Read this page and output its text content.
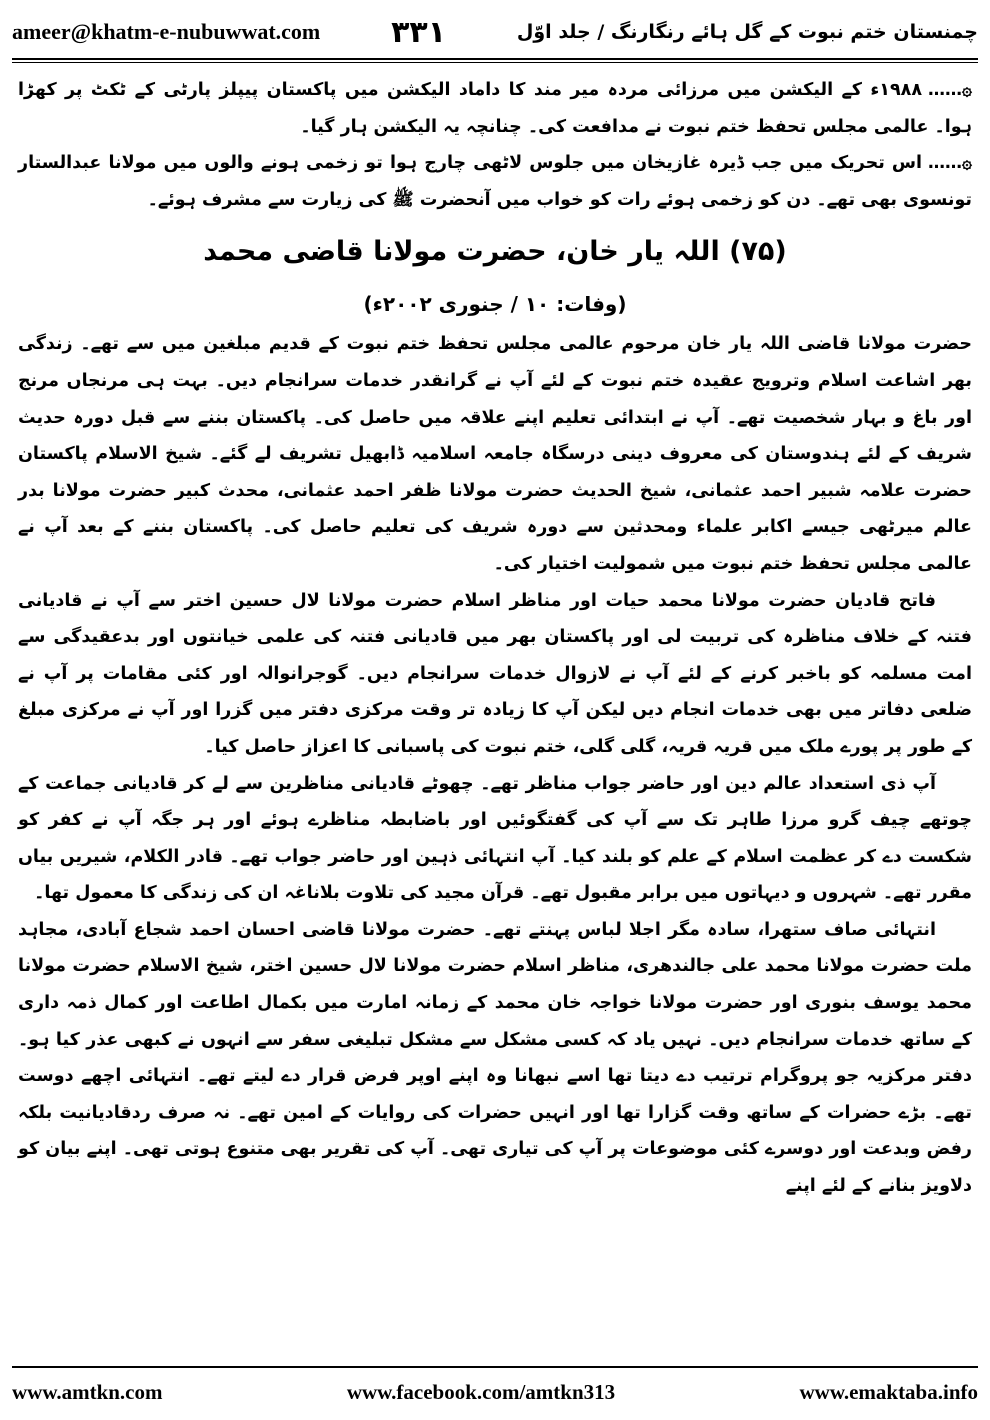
ameer@khatm-e-nubuwwat.com ۳۳۱	چمنستان ختم نبوت کے گل ہائے رنگارنگ / جلد اوّل

۞……۱۹۸۸ء کے الیکشن میں مرزائی مردہ میر مند کا داماد الیکشن میں پاکستان پیپلز پارٹی کے ٹکٹ پر کھڑا ہوا۔ عالمی مجلس تحفظ ختم نبوت نے مدافعت کی۔ چنانچہ یہ الیکشن ہار گیا۔

۞……اس تحریک میں جب ڈیرہ غازیخان میں جلوس لاٹھی چارج ہوا تو زخمی ہونے والوں میں مولانا عبدالستار تونسوی بھی تھے۔ دن کو زخمی ہوئے رات کو خواب میں آنحضرت ﷺ کی زیارت سے مشرف ہوئے۔

(۷۵) اللہ یار خان، حضرت مولانا قاضی محمد
(وفات: ۱۰ / جنوری ۲۰۰۲ء)

حضرت مولانا قاضی اللہ یار خان مرحوم عالمی مجلس تحفظ ختم نبوت کے قدیم مبلغین میں سے تھے۔ زندگی بھر اشاعت اسلام وترویج عقیدہ ختم نبوت کے لئے آپ نے گرانقدر خدمات سرانجام دیں۔ بہت ہی مرنجاں مرنج اور باغ و بہار شخصیت تھے۔ آپ نے ابتدائی تعلیم اپنے علاقہ میں حاصل کی۔ پاکستان بننے سے قبل دورہ حدیث شریف کے لئے ہندوستان کی معروف دینی درسگاہ جامعہ اسلامیہ ڈابھیل تشریف لے گئے۔ شیخ الاسلام پاکستان حضرت علامہ شبیر احمد عثمانی، شیخ الحدیث حضرت مولانا ظفر احمد عثمانی، محدث کبیر حضرت مولانا بدر عالم میرٹھی جیسے اکابر علماء ومحدثین سے دورہ شریف کی تعلیم حاصل کی۔ پاکستان بننے کے بعد آپ نے عالمی مجلس تحفظ ختم نبوت میں شمولیت اختیار کی۔

فاتح قادیان حضرت مولانا محمد حیات اور مناظر اسلام حضرت مولانا لال حسین اختر سے آپ نے قادیانی فتنہ کے خلاف مناظرہ کی تربیت لی اور پاکستان بھر میں قادیانی فتنہ کی علمی خیانتوں اور بدعقیدگی سے امت مسلمہ کو باخبر کرنے کے لئے آپ نے لازوال خدمات سرانجام دیں۔ گوجرانوالہ اور کئی مقامات پر آپ نے ضلعی دفاتر میں بھی خدمات انجام دیں لیکن آپ کا زیادہ تر وقت مرکزی دفتر میں گزرا اور آپ نے مرکزی مبلغ کے طور پر پورے ملک میں قریہ قریہ، گلی گلی، ختم نبوت کی پاسبانی کا اعزاز حاصل کیا۔

آپ ذی استعداد عالم دین اور حاضر جواب مناظر تھے۔ چھوٹے قادیانی مناظرین سے لے کر قادیانی جماعت کے چوتھے چیف گرو مرزا طاہر تک سے آپ کی گفتگوئیں اور باضابطہ مناظرے ہوئے اور ہر جگہ آپ نے کفر کو شکست دے کر عظمت اسلام کے علم کو بلند کیا۔ آپ انتہائی ذہین اور حاضر جواب تھے۔ قادر الکلام، شیریں بیاں مقرر تھے۔ شہروں و دیہاتوں میں برابر مقبول تھے۔ قرآن مجید کی تلاوت بلاناغہ ان کی زندگی کا معمول تھا۔

انتہائی صاف ستھرا، سادہ مگر اجلا لباس پہنتے تھے۔ حضرت مولانا قاضی احسان احمد شجاع آبادی، مجاہد ملت حضرت مولانا محمد علی جالندھری، مناظر اسلام حضرت مولانا لال حسین اختر، شیخ الاسلام حضرت مولانا محمد یوسف بنوری اور حضرت مولانا خواجہ خان محمد کے زمانہ امارت میں بکمال اطاعت اور کمال ذمہ داری کے ساتھ خدمات سرانجام دیں۔ نہیں یاد کہ کسی مشکل سے مشکل تبلیغی سفر سے انہوں نے کبھی عذر کیا ہو۔ دفتر مرکزیہ جو پروگرام ترتیب دے دیتا تھا اسے نبھانا وہ اپنے اوپر فرض قرار دے لیتے تھے۔ انتہائی اچھے دوست تھے۔ بڑے حضرات کے ساتھ وقت گزارا تھا اور انہیں حضرات کی روایات کے امین تھے۔ نہ صرف ردقادیانیت بلکہ رفض وبدعت اور دوسرے کئی موضوعات پر آپ کی تیاری تھی۔ آپ کی تقریر بھی متنوع ہوتی تھی۔ اپنے بیان کو دلاویز بنانے کے لئے اپنے

www.amtkn.com	www.facebook.com/amtkn313	www.emaktaba.info
